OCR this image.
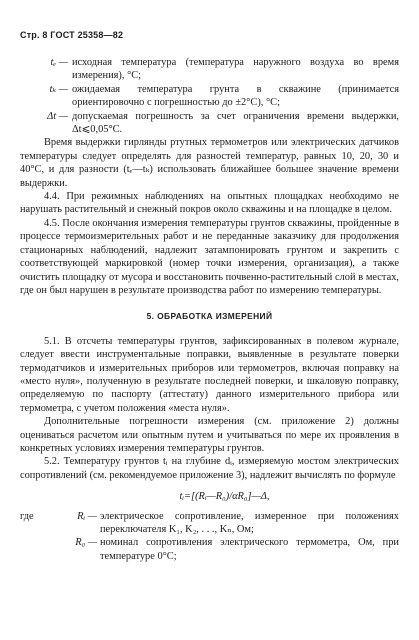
Стр. 8 ГОСТ 25358—82
tₑ — исходная температура (температура наружного воздуха во время измерения), °С;
tₖ — ожидаемая температура грунта в скважине (принимается ориентировочно с погрешностью до ±2°С), °С;
Δt — допускаемая погрешность за счет ограничения времени выдержки, Δt⩽0,05°С.

Время выдержки гирлянды ртутных термометров или электрических датчиков температуры следует определять для разностей температур, равных 10, 20, 30 и 40°С, и для разности (tₑ—tₖ) использовать ближайшее большее значение времени выдержки.

4.4. При режимных наблюдениях на опытных площадках необходимо не нарушать растительный и снежный покров около скважины и на площадке в целом.

4.5. После окончания измерения температуры грунтов скважины, пройденные в процессе термоизмерительных работ и не переданные заказчику для продолжения стационарных наблюдений, надлежит затампонировать грунтом и закрепить с соответствующей маркировкой (номер точки измерения, организация), а также очистить площадку от мусора и восстановить почвенно-растительный слой в местах, где он был нарушен в результате производства работ по измерению температуры.

5. ОБРАБОТКА ИЗМЕРЕНИЙ

5.1. В отсчеты температуры грунтов, зафиксированных в полевом журнале, следует ввести инструментальные поправки, выявленные в результате поверки термодатчиков и измерительных приборов или термометров, включая поправку на «место нуля», полученную в результате последней поверки, и шкаловую поправку, определяемую по паспорту (аттестату) данного измерительного прибора или термометра, с учетом положения «места нуля».

Дополнительные погрешности измерения (см. приложение 2) должны оцениваться расчетом или опытным путем и учитываться по мере их проявления в конкретных условиях измерения температуры грунтов.

5.2. Температуру грунтов tᵢ на глубине dᵢ, измеряемую мостом электрических сопротивлений (см. рекомендуемое приложение 3), надлежит вычислять по формуле

tᵢ=[(Rᵢ—R₀)/αR₀]—Δ,

где	Rᵢ — электрическое сопротивление, измеренное при положениях переключателя K₁, K₂, . . ., Kₙ, Ом;
R₀ — номинал сопротивления электрического термометра, Ом, при температуре 0°С;
